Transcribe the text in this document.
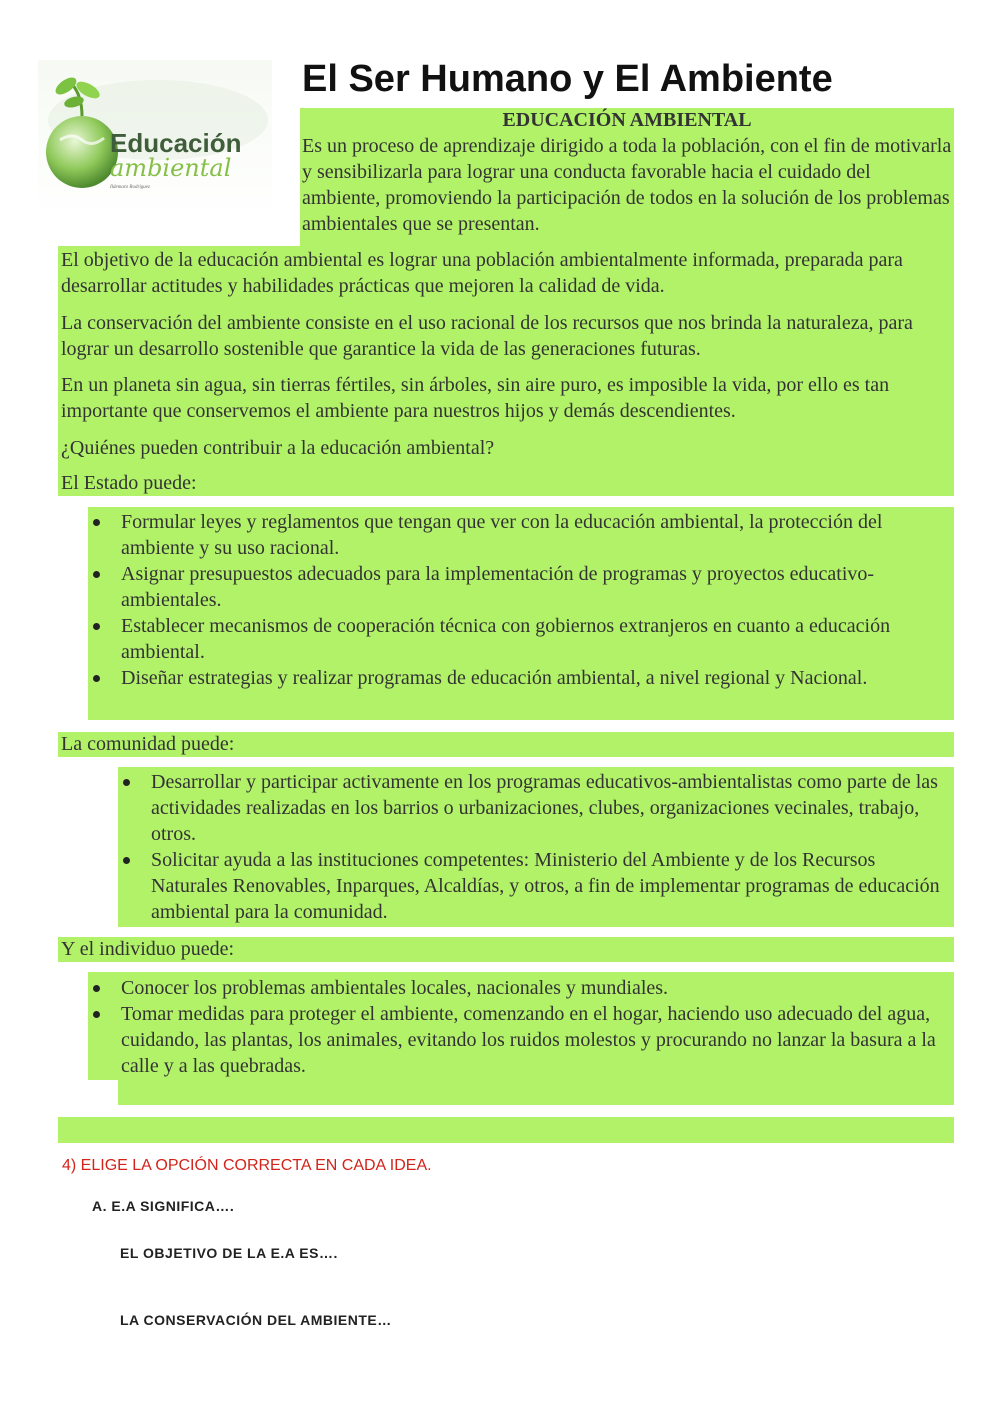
Educación
ambiental
Ildemaro Rodríguez
El Ser Humano y El Ambiente
EDUCACIÓN AMBIENTAL
Es un proceso de aprendizaje dirigido a toda la población, con el fin de motivarla y sensibilizarla para lograr una conducta favorable hacia el cuidado del ambiente, promoviendo la participación de todos en la solución de los problemas ambientales que se presentan.
El objetivo de la educación ambiental es lograr una población ambientalmente informada, preparada para desarrollar actitudes y habilidades prácticas que mejoren la calidad de vida.
La conservación del ambiente consiste en el uso racional de los recursos que nos brinda la naturaleza, para lograr un desarrollo sostenible que garantice la vida de las generaciones futuras.
En un planeta sin agua, sin tierras fértiles, sin árboles, sin aire puro, es imposible la vida, por ello es tan importante que conservemos el ambiente para nuestros hijos y demás descendientes.
¿Quiénes pueden contribuir a la educación ambiental?
El Estado puede:
Formular leyes y reglamentos que tengan que ver con la educación ambiental, la protección del ambiente y su uso racional.
Asignar presupuestos adecuados para la implementación de programas y proyectos educativo-ambientales.
Establecer mecanismos de cooperación técnica con gobiernos extranjeros en cuanto a educación ambiental.
Diseñar estrategias y realizar programas de educación ambiental, a nivel regional y Nacional.
La comunidad puede:
Desarrollar y participar activamente en los programas educativos-ambientalistas como parte de las actividades realizadas en los barrios o urbanizaciones, clubes, organizaciones vecinales, trabajo, otros.
Solicitar ayuda a las instituciones competentes: Ministerio del Ambiente y de los Recursos Naturales Renovables, Inparques, Alcaldías, y otros, a fin de implementar programas de educación ambiental para la comunidad.
Y el individuo puede:
Conocer los problemas ambientales locales, nacionales y mundiales.
Tomar medidas para proteger el ambiente, comenzando en el hogar, haciendo uso adecuado del agua, cuidando, las plantas, los animales, evitando los ruidos molestos y procurando no lanzar la basura a la calle y a las quebradas.
4) ELIGE LA OPCIÓN CORRECTA EN CADA IDEA.
A. E.A SIGNIFICA….
EL OBJETIVO DE LA E.A ES….
LA CONSERVACIÓN DEL AMBIENTE…
